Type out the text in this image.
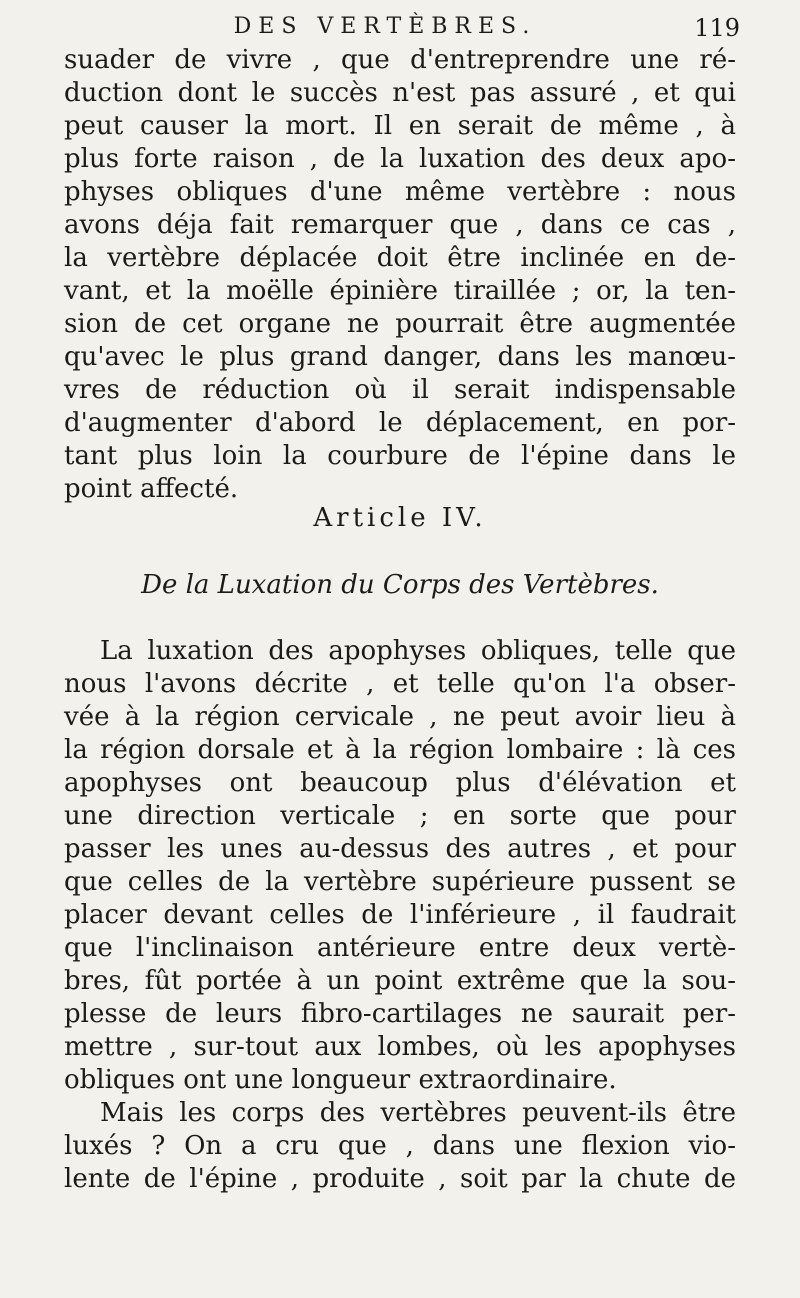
DES VERTÈBRES.	119
suader de vivre , que d'entreprendre une ré-
duction dont le succès n'est pas assuré , et qui
peut causer la mort. Il en serait de même , à
plus forte raison , de la luxation des deux apo-
physes obliques d'une même vertèbre : nous
avons déja fait remarquer que , dans ce cas ,
la vertèbre déplacée doit être inclinée en de-
vant, et la moëlle épinière tiraillée ; or, la ten-
sion de cet organe ne pourrait être augmentée
qu'avec le plus grand danger, dans les manœu-
vres de réduction où il serait indispensable
d'augmenter d'abord le déplacement, en por-
tant plus loin la courbure de l'épine dans le
point affecté.
Article IV.
De la Luxation du Corps des Vertèbres.
La luxation des apophyses obliques, telle que
nous l'avons décrite , et telle qu'on l'a obser-
vée à la région cervicale , ne peut avoir lieu à
la région dorsale et à la région lombaire : là ces
apophyses ont beaucoup plus d'élévation et
une direction verticale ; en sorte que pour
passer les unes au-dessus des autres , et pour
que celles de la vertèbre supérieure pussent se
placer devant celles de l'inférieure , il faudrait
que l'inclinaison antérieure entre deux vertè-
bres, fût portée à un point extrême que la sou-
plesse de leurs fibro-cartilages ne saurait per-
mettre , sur-tout aux lombes, où les apophyses
obliques ont une longueur extraordinaire.
Mais les corps des vertèbres peuvent-ils être
luxés ? On a cru que , dans une flexion vio-
lente de l'épine , produite , soit par la chute de
